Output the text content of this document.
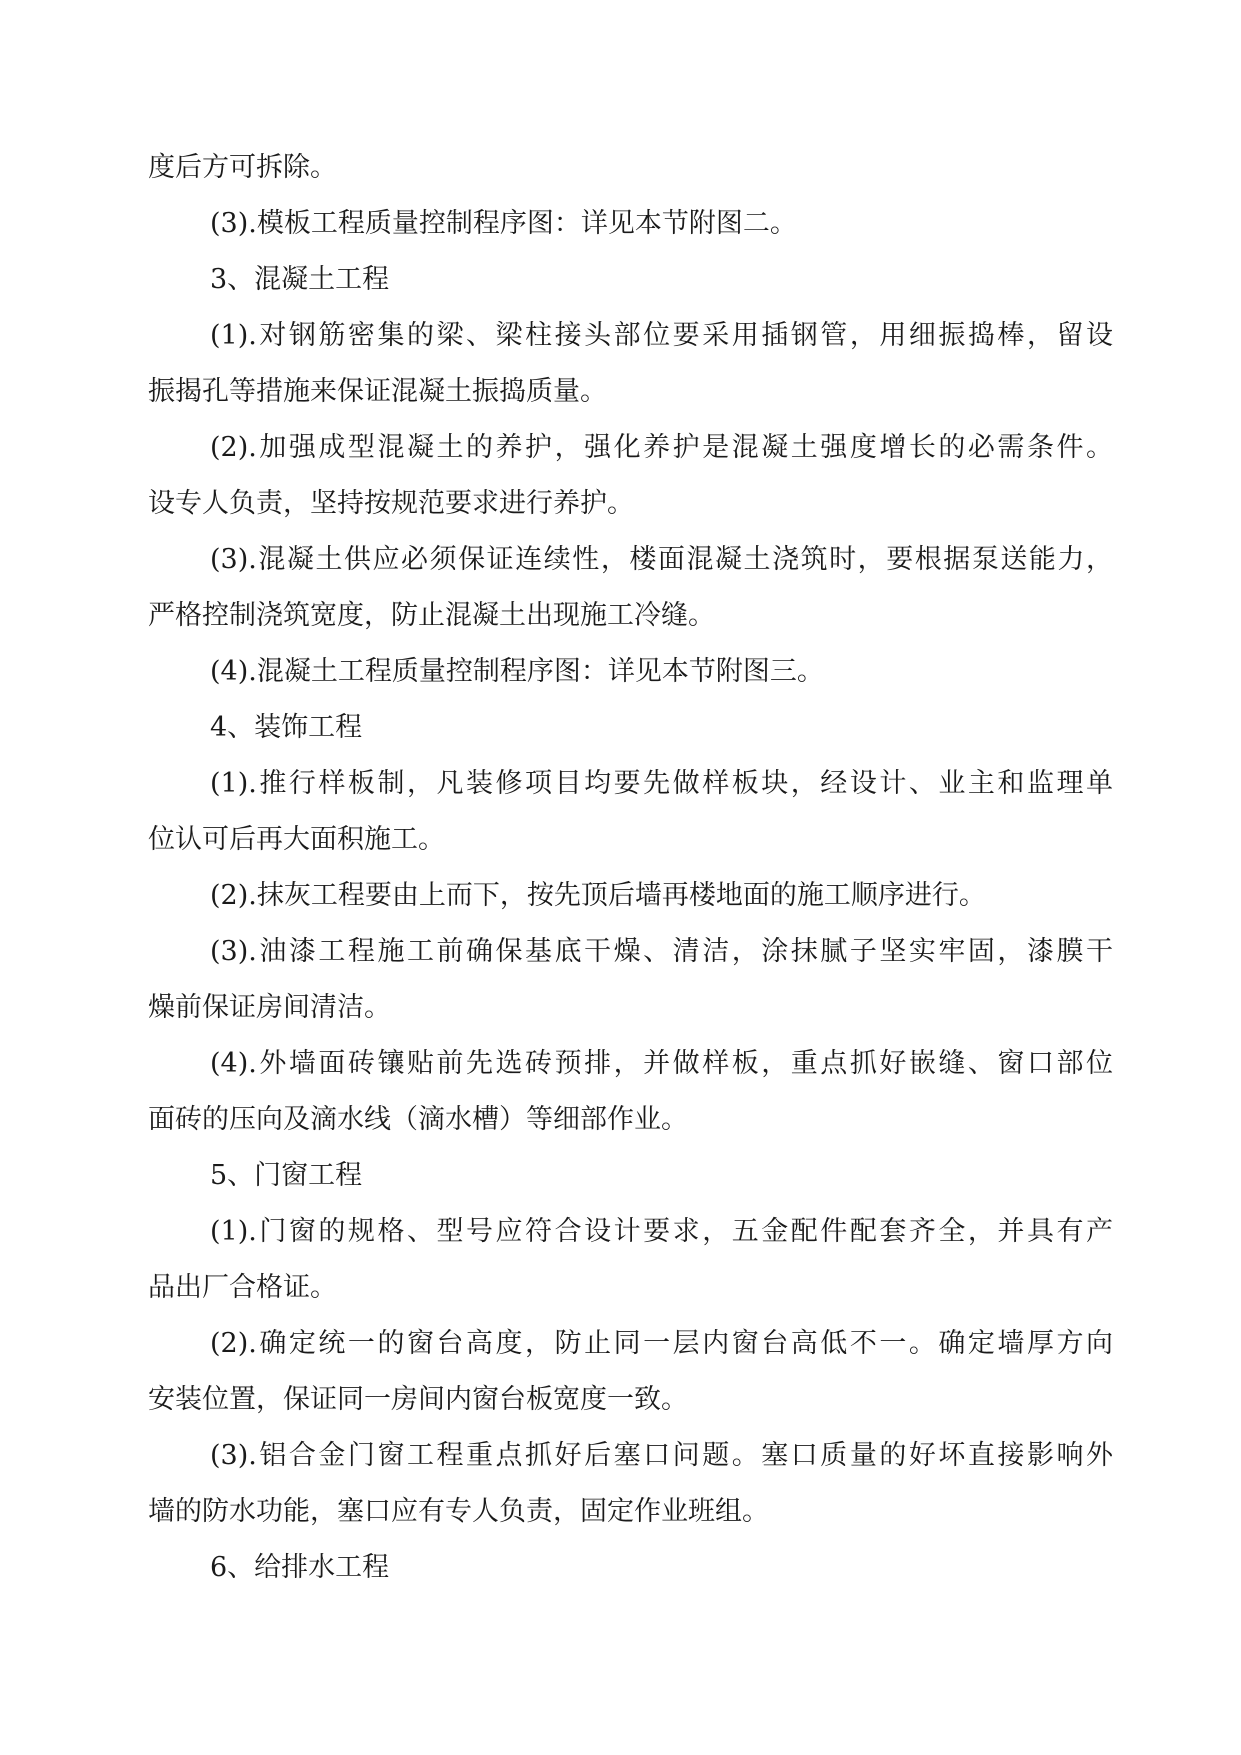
度后方可拆除。
(3).模板工程质量控制程序图：详见本节附图二。
3、混凝土工程
(1).对钢筋密集的梁、梁柱接头部位要采用插钢管，用细振捣棒，留设
振揭孔等措施来保证混凝土振捣质量。
(2).加强成型混凝土的养护，强化养护是混凝土强度增长的必需条件。
设专人负责，坚持按规范要求进行养护。
(3).混凝土供应必须保证连续性，楼面混凝土浇筑时，要根据泵送能力，
严格控制浇筑宽度，防止混凝土出现施工冷缝。
(4).混凝土工程质量控制程序图：详见本节附图三。
4、装饰工程
(1).推行样板制，凡装修项目均要先做样板块，经设计、业主和监理单
位认可后再大面积施工。
(2).抹灰工程要由上而下，按先顶后墙再楼地面的施工顺序进行。
(3).油漆工程施工前确保基底干燥、清洁，涂抹腻子坚实牢固，漆膜干
燥前保证房间清洁。
(4).外墙面砖镶贴前先选砖预排，并做样板，重点抓好嵌缝、窗口部位
面砖的压向及滴水线（滴水槽）等细部作业。
5、门窗工程
(1).门窗的规格、型号应符合设计要求，五金配件配套齐全，并具有产
品出厂合格证。
(2).确定统一的窗台高度，防止同一层内窗台高低不一。确定墙厚方向
安装位置，保证同一房间内窗台板宽度一致。
(3).铝合金门窗工程重点抓好后塞口问题。塞口质量的好坏直接影响外
墙的防水功能，塞口应有专人负责，固定作业班组。
6、给排水工程
